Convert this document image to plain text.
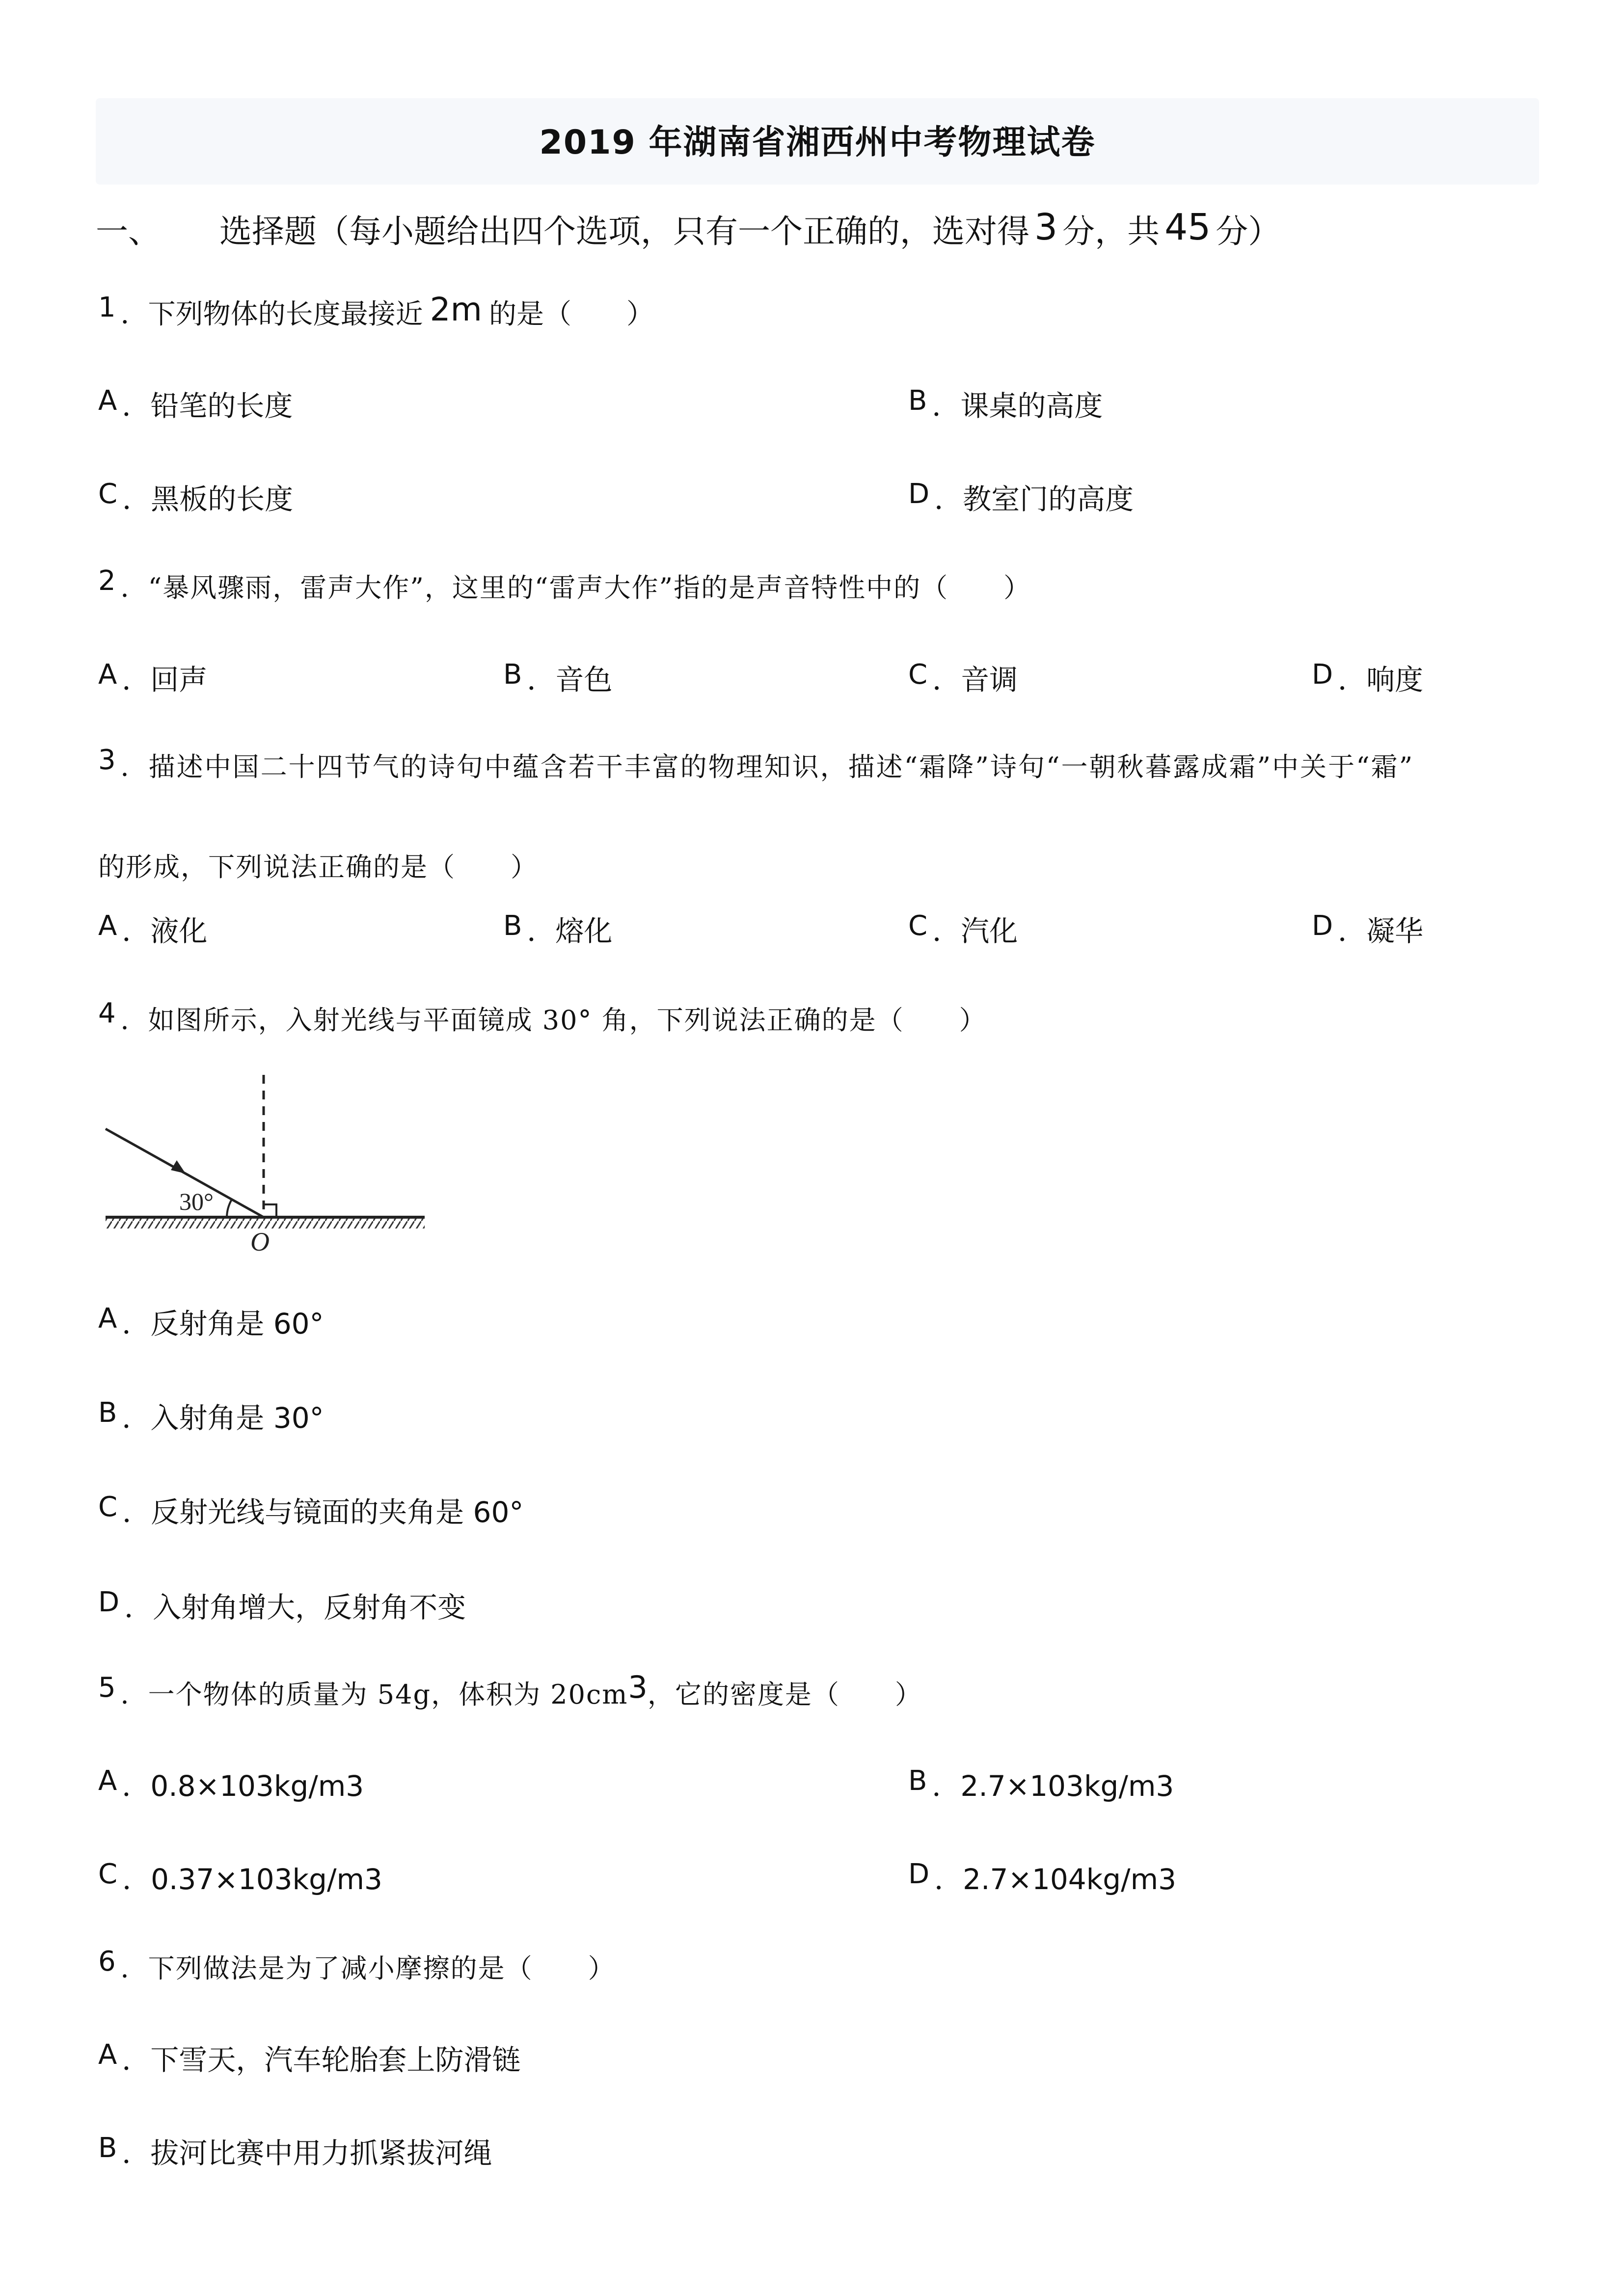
2019 年湖南省湘西州中考物理试卷
一、 选择题（每小题给出四个选项，只有一个正确的，选对得 3 分，共 45 分）
1 ．下列物体的长度最接近 2m 的是（　　）
A ．铅笔的长度	B ．课桌的高度
C ．黑板的长度	D ．教室门的高度
2 ．“暴风骤雨，雷声大作”，这里的“雷声大作”指的是声音特性中的（　　）
A ．回声	B ．音色	C ．音调	D ．响度
3 ．描述中国二十四节气的诗句中蕴含若干丰富的物理知识，描述“霜降”诗句“一朝秋暮露成霜”中关于“霜”
的形成，下列说法正确的是（　　）
A ．液化	B ．熔化	C ．汽化	D ．凝华
4 ．如图所示，入射光线与平面镜成 30° 角，下列说法正确的是（　　）
30°
O
A ．反射角是 60°
B ．入射角是 30°
C ．反射光线与镜面的夹角是 60°
D ．入射角增大，反射角不变
5 ．一个物体的质量为 54g，体积为 20cm3，它的密度是（　　）
A ．0.8×103kg/m3	B ．2.7×103kg/m3
C ．0.37×103kg/m3	D ．2.7×104kg/m3
6 ．下列做法是为了减小摩擦的是（　　）
A ．下雪天，汽车轮胎套上防滑链
B ．拔河比赛中用力抓紧拔河绳
